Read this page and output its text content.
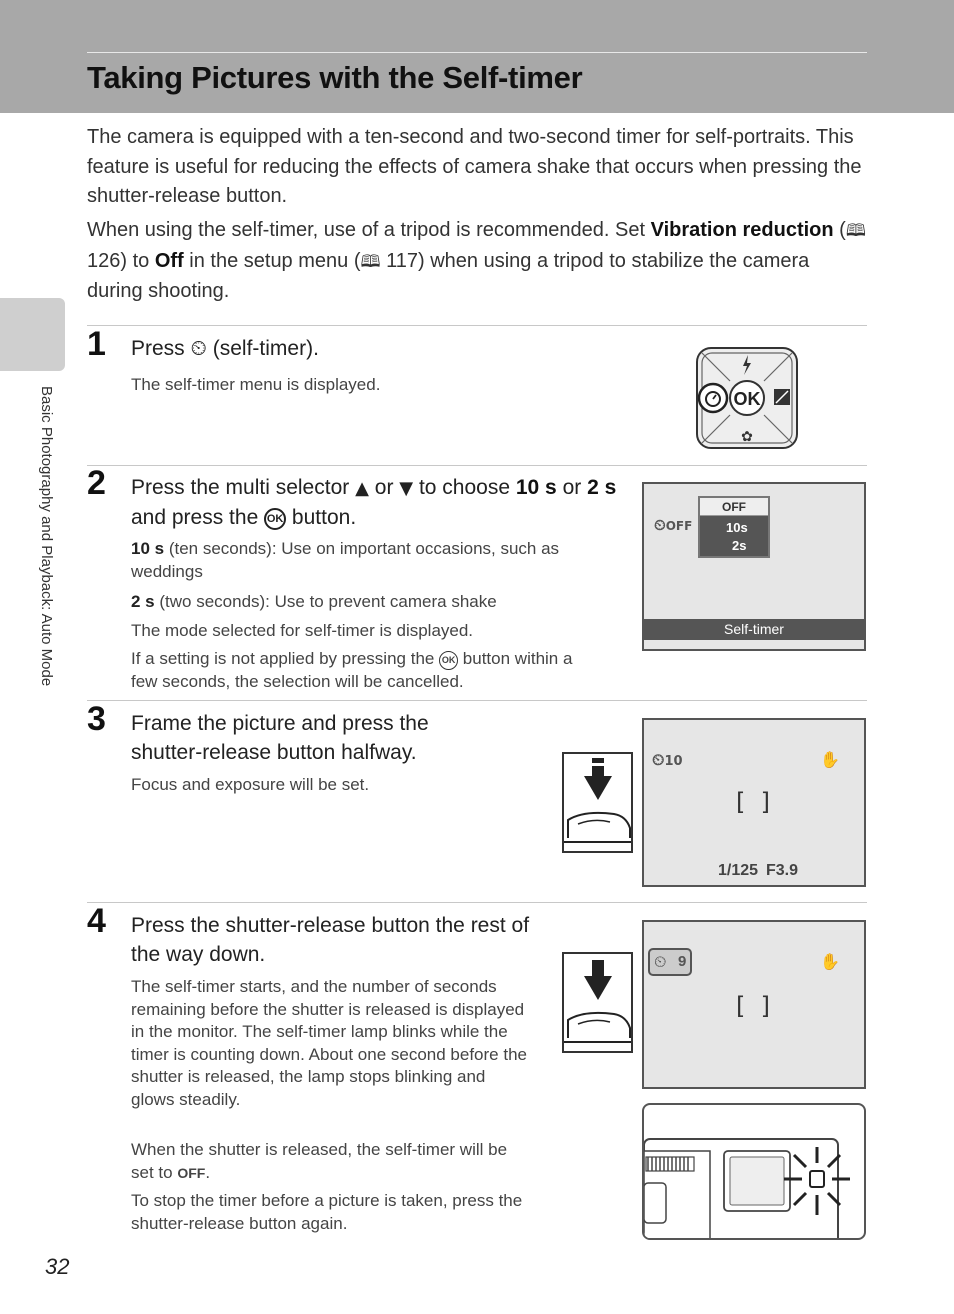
Taking Pictures with the Self-timer
Basic Photography and Playback: Auto Mode

The camera is equipped with a ten-second and two-second timer for self-portraits. This feature is useful for reducing the effects of camera shake that occurs when pressing the shutter-release button.

When using the self-timer, use of a tripod is recommended. Set Vibration reduction (🕮 126) to Off in the setup menu (🕮 117) when using a tripod to stabilize the camera during shooting.

1 Press ⏲ (self-timer).
The self-timer menu is displayed.
OK
✿
2 Press the multi selector ▲ or ▼ to choose 10 s or 2 s and press the OK button.
10 s (ten seconds): Use on important occasions, such as weddings
2 s (two seconds): Use to prevent camera shake
The mode selected for self-timer is displayed.
If a setting is not applied by pressing the OK button within a few seconds, the selection will be cancelled.
⏲OFF
OFF
10s
2s
Self-timer
3 Frame the picture and press the shutter-release button halfway.
Focus and exposure will be set.
⏲10	✋
[  ]
1/125 F3.9
4 Press the shutter-release button the rest of the way down.
The self-timer starts, and the number of seconds remaining before the shutter is released is displayed in the monitor. The self-timer lamp blinks while the timer is counting down. About one second before the shutter is released, the lamp stops blinking and glows steadily.
When the shutter is released, the self-timer will be set to OFF.
To stop the timer before a picture is taken, press the shutter-release button again.
⏲ 9	✋
[  ]
32
